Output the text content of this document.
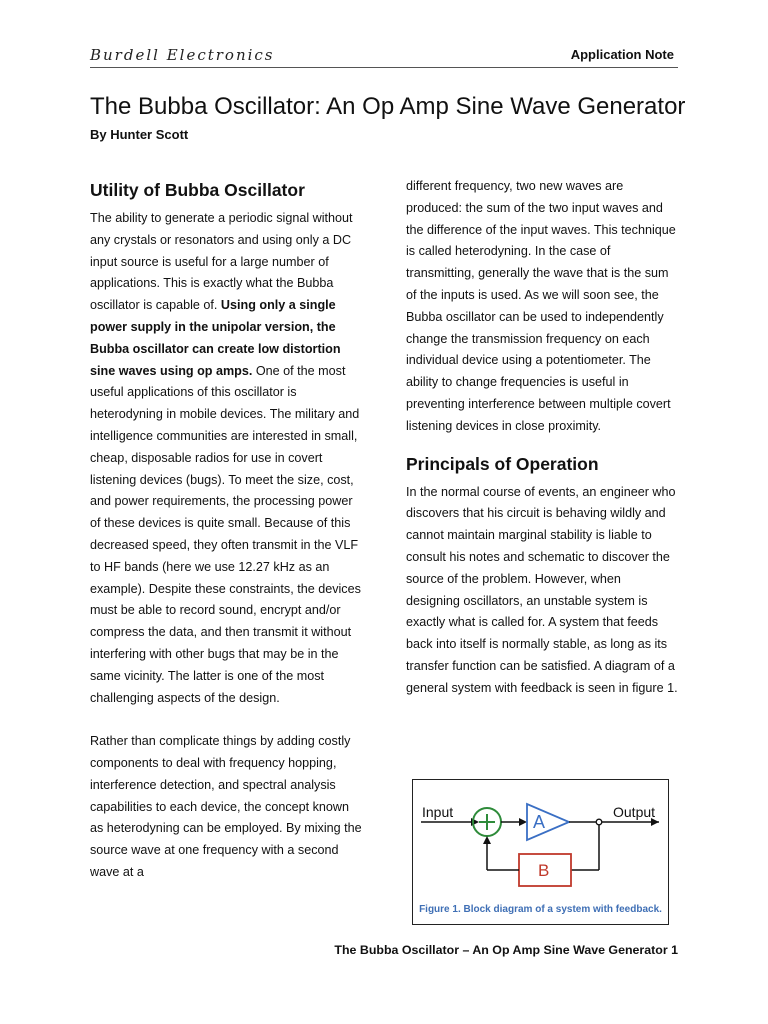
Burdell Electronics	Application Note
The Bubba Oscillator: An Op Amp Sine Wave Generator
By Hunter Scott
Utility of Bubba Oscillator

The ability to generate a periodic signal without any crystals or resonators and using only a DC input source is useful for a large number of applications. This is exactly what the Bubba oscillator is capable of. Using only a single power supply in the unipolar version, the Bubba oscillator can create low distortion sine waves using op amps. One of the most useful applications of this oscillator is heterodyning in mobile devices. The military and intelligence communities are interested in small, cheap, disposable radios for use in covert listening devices (bugs). To meet the size, cost, and power requirements, the processing power of these devices is quite small. Because of this decreased speed, they often transmit in the VLF to HF bands (here we use 12.27 kHz as an example). Despite these constraints, the devices must be able to record sound, encrypt and/or compress the data, and then transmit it without interfering with other bugs that may be in the same vicinity. The latter is one of the most challenging aspects of the design.

Rather than complicate things by adding costly components to deal with frequency hopping, interference detection, and spectral analysis capabilities to each device, the concept known as heterodyning can be employed. By mixing the source wave at one frequency with a second wave at a

different frequency, two new waves are produced: the sum of the two input waves and the difference of the input waves. This technique is called heterodyning. In the case of transmitting, generally the wave that is the sum of the inputs is used. As we will soon see, the Bubba oscillator can be used to independently change the transmission frequency on each individual device using a potentiometer. The ability to change frequencies is useful in preventing interference between multiple covert listening devices in close proximity.

Principals of Operation

In the normal course of events, an engineer who discovers that his circuit is behaving wildly and cannot maintain marginal stability is liable to consult his notes and schematic to discover the source of the problem. However, when designing oscillators, an unstable system is exactly what is called for. A system that feeds back into itself is normally stable, as long as its transfer function can be satisfied. A diagram of a general system with feedback is seen in figure 1.

Input	A	Output
B
Figure 1. Block diagram of a system with feedback.
The Bubba Oscillator – An Op Amp Sine Wave Generator 1
